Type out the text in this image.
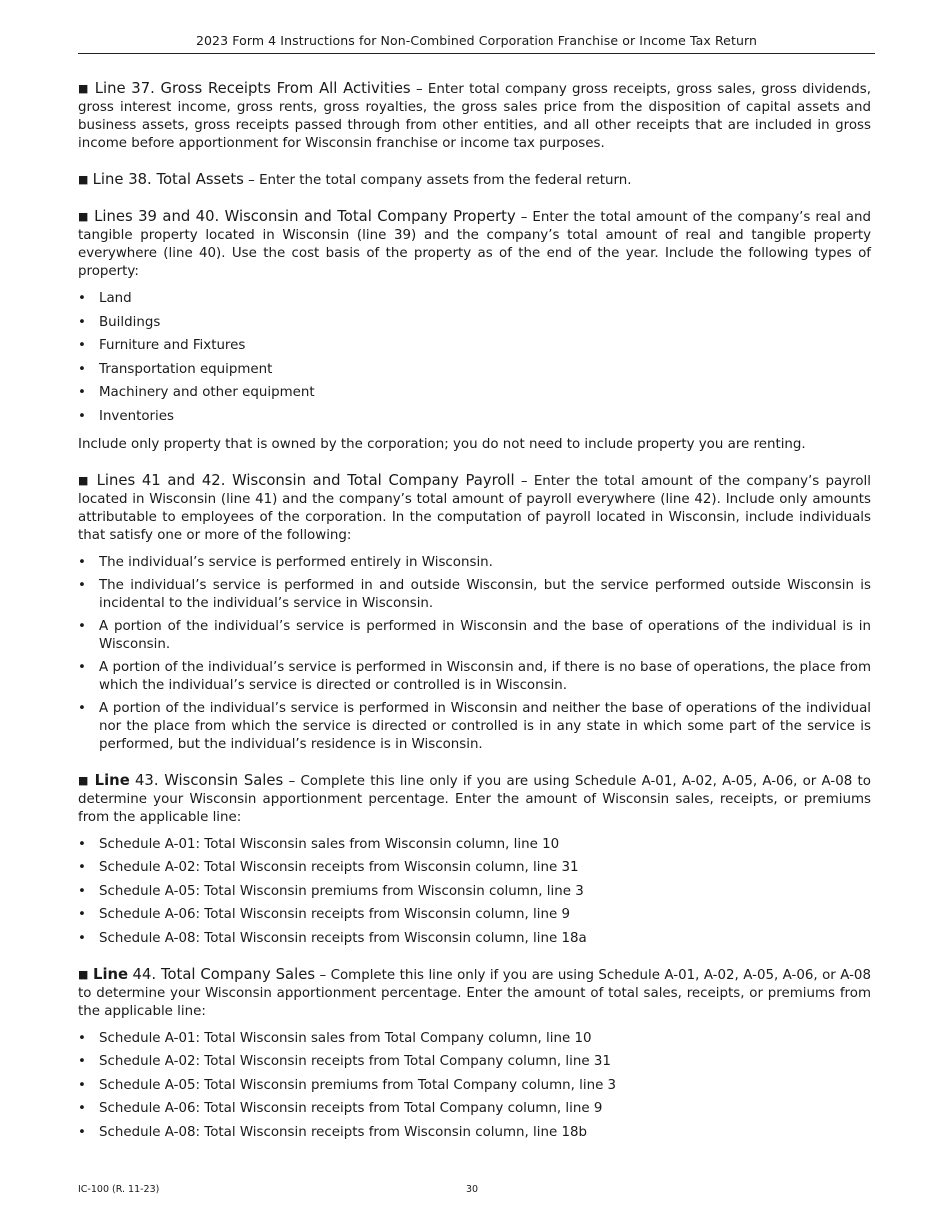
2023 Form 4 Instructions for Non-Combined Corporation Franchise or Income Tax Return

■ Line 37. Gross Receipts From All Activities – Enter total company gross receipts, gross sales, gross dividends, gross interest income, gross rents, gross royalties, the gross sales price from the disposition of capital assets and business assets, gross receipts passed through from other entities, and all other receipts that are included in gross income before apportionment for Wisconsin franchise or income tax purposes.

■ Line 38. Total Assets – Enter the total company assets from the federal return.

■ Lines 39 and 40. Wisconsin and Total Company Property – Enter the total amount of the company’s real and tangible property located in Wisconsin (line 39) and the company’s total amount of real and tangible property everywhere (line 40). Use the cost basis of the property as of the end of the year. Include the following types of property:

• Land
• Buildings
• Furniture and Fixtures
• Transportation equipment
• Machinery and other equipment
• Inventories

Include only property that is owned by the corporation; you do not need to include property you are renting.

■ Lines 41 and 42. Wisconsin and Total Company Payroll – Enter the total amount of the company’s payroll located in Wisconsin (line 41) and the company’s total amount of payroll everywhere (line 42). Include only amounts attributable to employees of the corporation. In the computation of payroll located in Wisconsin, include individuals that satisfy one or more of the following:

• The individual’s service is performed entirely in Wisconsin.
• The individual’s service is performed in and outside Wisconsin, but the service performed outside Wisconsin is incidental to the individual’s service in Wisconsin.
• A portion of the individual’s service is performed in Wisconsin and the base of operations of the individual is in Wisconsin.
• A portion of the individual’s service is performed in Wisconsin and, if there is no base of operations, the place from which the individual’s service is directed or controlled is in Wisconsin.
• A portion of the individual’s service is performed in Wisconsin and neither the base of operations of the individual nor the place from which the service is directed or controlled is in any state in which some part of the service is performed, but the individual’s residence is in Wisconsin.

■ Line 43. Wisconsin Sales – Complete this line only if you are using Schedule A-01, A-02, A-05, A-06, or A-08 to determine your Wisconsin apportionment percentage. Enter the amount of Wisconsin sales, receipts, or premiums from the applicable line:

• Schedule A-01: Total Wisconsin sales from Wisconsin column, line 10
• Schedule A-02: Total Wisconsin receipts from Wisconsin column, line 31
• Schedule A-05: Total Wisconsin premiums from Wisconsin column, line 3
• Schedule A-06: Total Wisconsin receipts from Wisconsin column, line 9
• Schedule A-08: Total Wisconsin receipts from Wisconsin column, line 18a

■ Line 44. Total Company Sales – Complete this line only if you are using Schedule A-01, A-02, A-05, A-06, or A-08 to determine your Wisconsin apportionment percentage. Enter the amount of total sales, receipts, or premiums from the applicable line:

• Schedule A-01: Total Wisconsin sales from Total Company column, line 10
• Schedule A-02: Total Wisconsin receipts from Total Company column, line 31
• Schedule A-05: Total Wisconsin premiums from Total Company column, line 3
• Schedule A-06: Total Wisconsin receipts from Total Company column, line 9
• Schedule A-08: Total Wisconsin receipts from Wisconsin column, line 18b
IC-100 (R. 11-23)	30
